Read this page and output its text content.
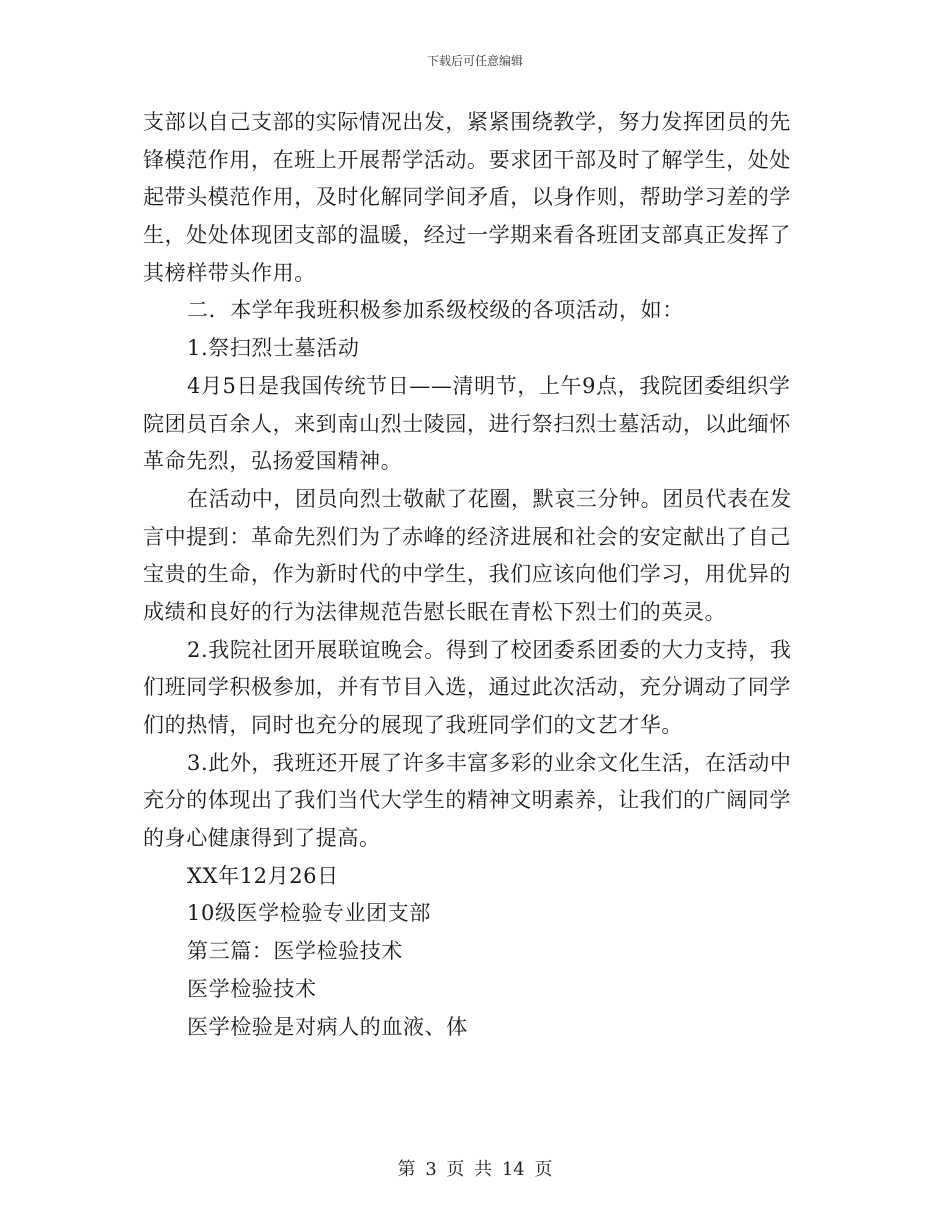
下载后可任意编辑
支部以自己支部的实际情况出发，紧紧围绕教学，努力发挥团员的先
锋模范作用，在班上开展帮学活动。要求团干部及时了解学生，处处
起带头模范作用，及时化解同学间矛盾，以身作则，帮助学习差的学
生，处处体现团支部的温暖，经过一学期来看各班团支部真正发挥了
其榜样带头作用。
二．本学年我班积极参加系级校级的各项活动，如：
1.祭扫烈士墓活动
4月5日是我国传统节日——清明节，上午9点，我院团委组织学
院团员百余人，来到南山烈士陵园，进行祭扫烈士墓活动，以此缅怀
革命先烈，弘扬爱国精神。
在活动中，团员向烈士敬献了花圈，默哀三分钟。团员代表在发
言中提到：革命先烈们为了赤峰的经济进展和社会的安定献出了自己
宝贵的生命，作为新时代的中学生，我们应该向他们学习，用优异的
成绩和良好的行为法律规范告慰长眠在青松下烈士们的英灵。
2.我院社团开展联谊晚会。得到了校团委系团委的大力支持，我
们班同学积极参加，并有节目入选，通过此次活动，充分调动了同学
们的热情，同时也充分的展现了我班同学们的文艺才华。
3.此外，我班还开展了许多丰富多彩的业余文化生活，在活动中
充分的体现出了我们当代大学生的精神文明素养，让我们的广阔同学
的身心健康得到了提高。
XX年12月26日
10级医学检验专业团支部
第三篇：医学检验技术
医学检验技术
医学检验是对病人的血液、体
第 3 页 共 14 页
